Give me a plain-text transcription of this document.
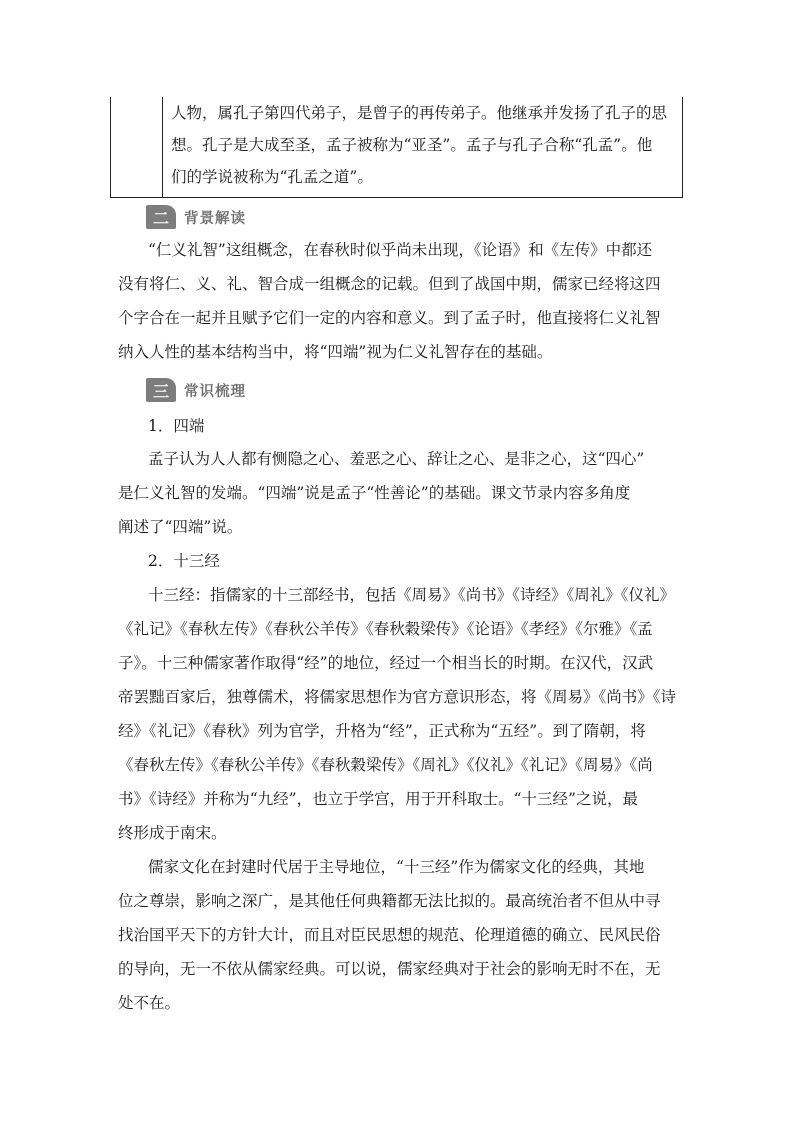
人物，属孔子第四代弟子，是曾子的再传弟子。他继承并发扬了孔子的思

想。孔子是大成至圣，孟子被称为“亚圣”。孟子与孔子合称“孔孟”。他

们的学说被称为“孔孟之道”。

二	背景解读

“仁义礼智”这组概念，在春秋时似乎尚未出现，《论语》和《左传》中都还

没有将仁、义、礼、智合成一组概念的记载。但到了战国中期，儒家已经将这四

个字合在一起并且赋予它们一定的内容和意义。到了孟子时，他直接将仁义礼智

纳入人性的基本结构当中，将“四端”视为仁义礼智存在的基础。

三	常识梳理
1．四端

孟子认为人人都有恻隐之心、羞恶之心、辞让之心、是非之心，这“四心”

是仁义礼智的发端。“四端”说是孟子“性善论”的基础。课文节录内容多角度

阐述了“四端”说。

2．十三经

十三经：指儒家的十三部经书，包括《周易》《尚书》《诗经》《周礼》《仪礼》

《礼记》《春秋左传》《春秋公羊传》《春秋穀梁传》《论语》《孝经》《尔雅》《孟

子》。十三种儒家著作取得“经”的地位，经过一个相当长的时期。在汉代，汉武

帝罢黜百家后，独尊儒术，将儒家思想作为官方意识形态，将《周易》《尚书》《诗

经》《礼记》《春秋》列为官学，升格为“经”，正式称为“五经”。到了隋朝，将

《春秋左传》《春秋公羊传》《春秋穀梁传》《周礼》《仪礼》《礼记》《周易》《尚

书》《诗经》并称为“九经”，也立于学宫，用于开科取士。“十三经”之说，最

终形成于南宋。

儒家文化在封建时代居于主导地位，“十三经”作为儒家文化的经典，其地

位之尊崇，影响之深广，是其他任何典籍都无法比拟的。最高统治者不但从中寻

找治国平天下的方针大计，而且对臣民思想的规范、伦理道德的确立、民风民俗

的导向，无一不依从儒家经典。可以说，儒家经典对于社会的影响无时不在，无

处不在。
